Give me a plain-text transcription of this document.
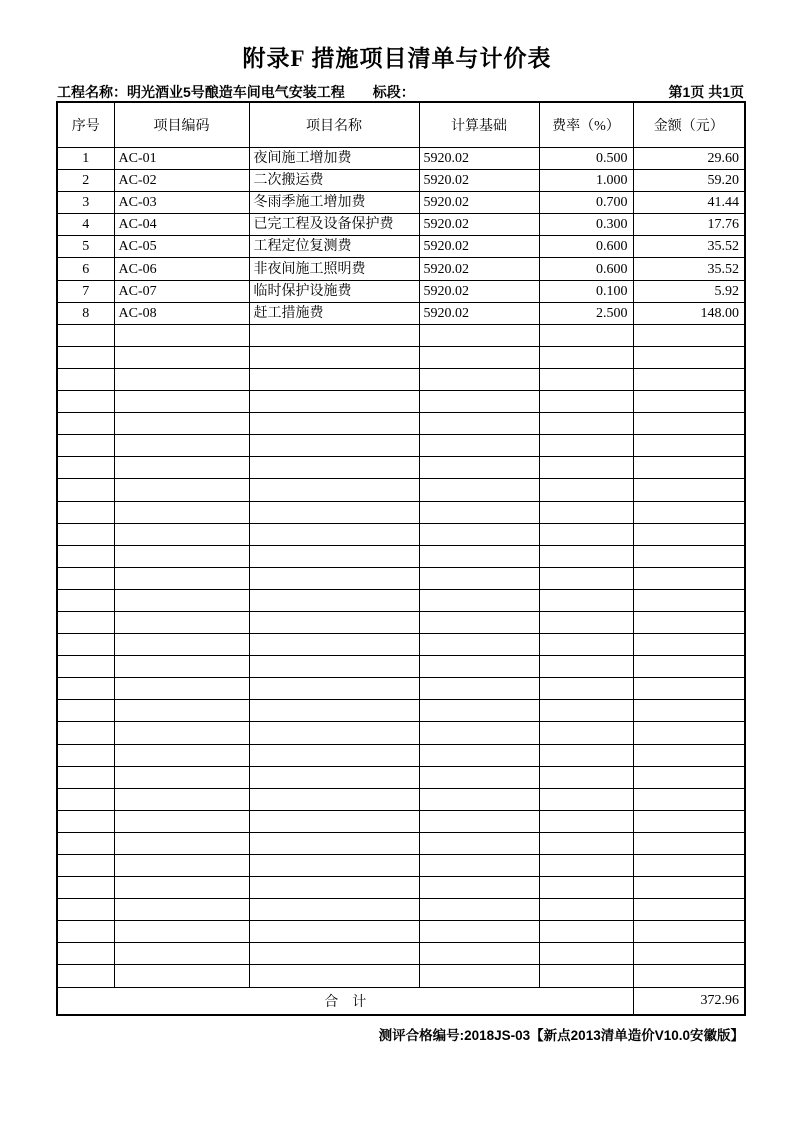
附录F 措施项目清单与计价表
工程名称：明光酒业5号酿造车间电气安装工程 标段：	第1页 共1页
序号	项目编码	项目名称	计算基础	费率（%）	金额（元）
1	AC-01	夜间施工增加费	5920.02	0.500	29.60
2	AC-02	二次搬运费	5920.02	1.000	59.20
3	AC-03	冬雨季施工增加费	5920.02	0.700	41.44
4	AC-04	已完工程及设备保护费	5920.02	0.300	17.76
5	AC-05	工程定位复测费	5920.02	0.600	35.52
6	AC-06	非夜间施工照明费	5920.02	0.600	35.52
7	AC-07	临时保护设施费	5920.02	0.100	5.92
8	AC-08	赶工措施费	5920.02	2.500	148.00

合　计					372.96
测评合格编号:2018JS-03【新点2013清单造价V10.0安徽版】
